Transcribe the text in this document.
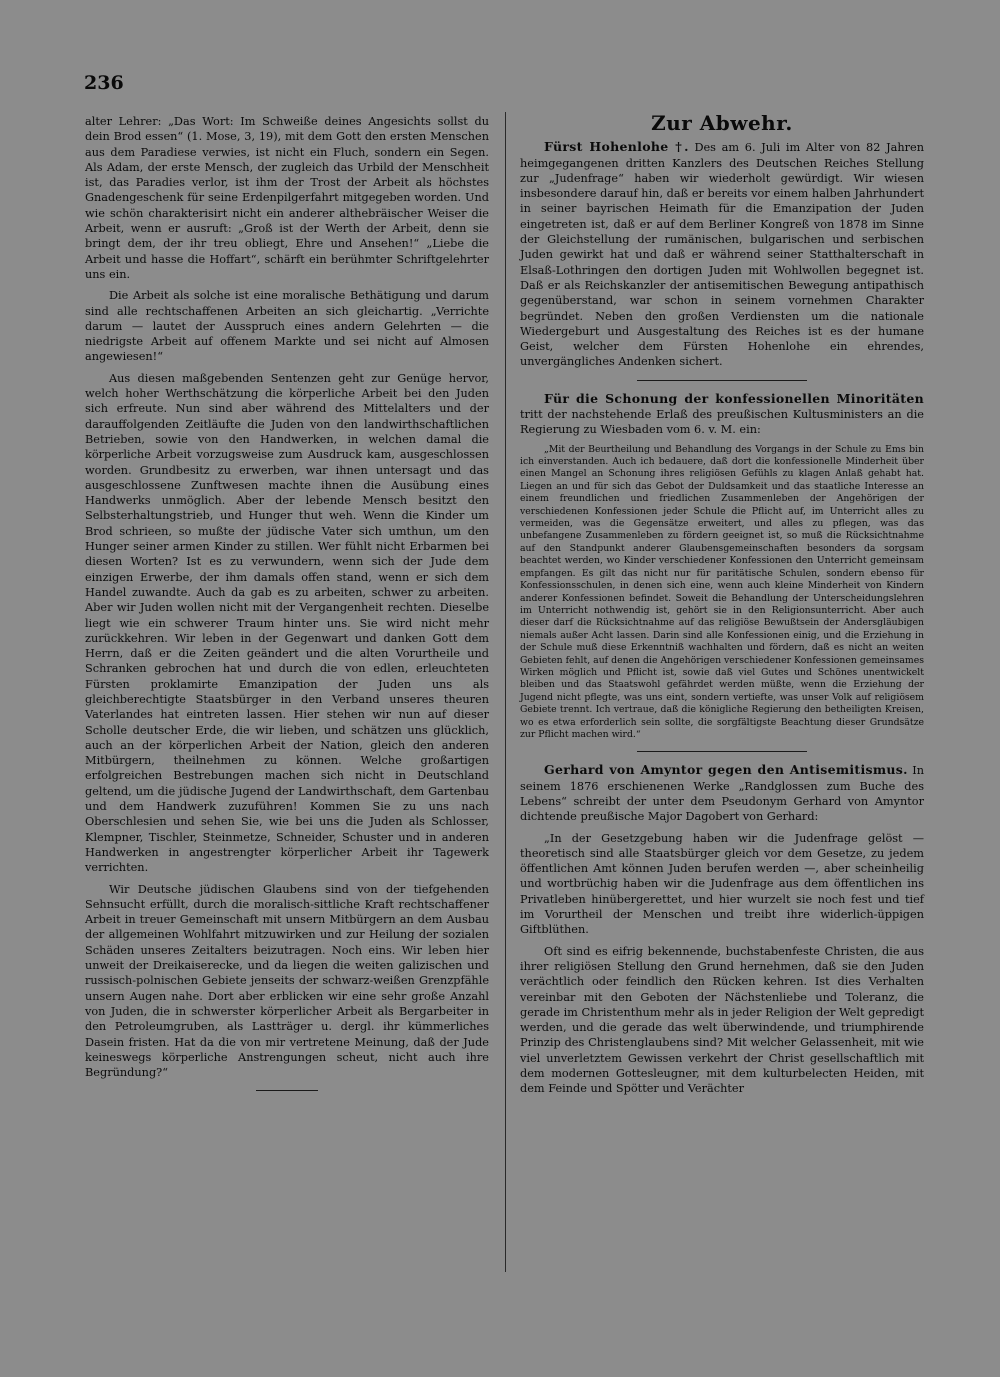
236

alter Lehrer: „Das Wort: Im Schweiße deines Angesichts sollst du dein Brod essen“ (1. Mose, 3, 19), mit dem Gott den ersten Menschen aus dem Paradiese verwies, ist nicht ein Fluch, sondern ein Segen. Als Adam, der erste Mensch, der zugleich das Urbild der Menschheit ist, das Paradies verlor, ist ihm der Trost der Arbeit als höchstes Gnadengeschenk für seine Erdenpilgerfahrt mitgegeben worden. Und wie schön charakterisirt nicht ein anderer althebräischer Weiser die Arbeit, wenn er ausruft: „Groß ist der Werth der Arbeit, denn sie bringt dem, der ihr treu obliegt, Ehre und Ansehen!“ „Liebe die Arbeit und hasse die Hoffart“, schärft ein berühmter Schriftgelehrter uns ein.

Die Arbeit als solche ist eine moralische Bethätigung und darum sind alle rechtschaffenen Arbeiten an sich gleichartig. „Verrichte darum — lautet der Ausspruch eines andern Gelehrten — die niedrigste Arbeit auf offenem Markte und sei nicht auf Almosen angewiesen!“

Aus diesen maßgebenden Sentenzen geht zur Genüge hervor, welch hoher Werthschätzung die körperliche Arbeit bei den Juden sich erfreute. Nun sind aber während des Mittelalters und der darauffolgenden Zeitläufte die Juden von den landwirthschaftlichen Betrieben, sowie von den Handwerken, in welchen damal die körperliche Arbeit vorzugsweise zum Ausdruck kam, ausgeschlossen worden. Grundbesitz zu erwerben, war ihnen untersagt und das ausgeschlossene Zunftwesen machte ihnen die Ausübung eines Handwerks unmöglich. Aber der lebende Mensch besitzt den Selbsterhaltungstrieb, und Hunger thut weh. Wenn die Kinder um Brod schrieen, so mußte der jüdische Vater sich umthun, um den Hunger seiner armen Kinder zu stillen. Wer fühlt nicht Erbarmen bei diesen Worten? Ist es zu verwundern, wenn sich der Jude dem einzigen Erwerbe, der ihm damals offen stand, wenn er sich dem Handel zuwandte. Auch da gab es zu arbeiten, schwer zu arbeiten. Aber wir Juden wollen nicht mit der Vergangenheit rechten. Dieselbe liegt wie ein schwerer Traum hinter uns. Sie wird nicht mehr zurückkehren. Wir leben in der Gegenwart und danken Gott dem Herrn, daß er die Zeiten geändert und die alten Vorurtheile und Schranken gebrochen hat und durch die von edlen, erleuchteten Fürsten proklamirte Emanzipation der Juden uns als gleichberechtigte Staatsbürger in den Verband unseres theuren Vaterlandes hat eintreten lassen. Hier stehen wir nun auf dieser Scholle deutscher Erde, die wir lieben, und schätzen uns glücklich, auch an der körperlichen Arbeit der Nation, gleich den anderen Mitbürgern, theilnehmen zu können. Welche großartigen erfolgreichen Bestrebungen machen sich nicht in Deutschland geltend, um die jüdische Jugend der Landwirthschaft, dem Gartenbau und dem Handwerk zuzuführen! Kommen Sie zu uns nach Oberschlesien und sehen Sie, wie bei uns die Juden als Schlosser, Klempner, Tischler, Steinmetze, Schneider, Schuster und in anderen Handwerken in angestrengter körperlicher Arbeit ihr Tagewerk verrichten.

Wir Deutsche jüdischen Glaubens sind von der tiefgehenden Sehnsucht erfüllt, durch die moralisch-sittliche Kraft rechtschaffener Arbeit in treuer Gemeinschaft mit unsern Mitbürgern an dem Ausbau der allgemeinen Wohlfahrt mitzuwirken und zur Heilung der sozialen Schäden unseres Zeitalters beizutragen. Noch eins. Wir leben hier unweit der Dreikaiserecke, und da liegen die weiten galizischen und russisch-polnischen Gebiete jenseits der schwarz-weißen Grenzpfähle unsern Augen nahe. Dort aber erblicken wir eine sehr große Anzahl von Juden, die in schwerster körperlicher Arbeit als Bergarbeiter in den Petroleumgruben, als Lastträger u. dergl. ihr kümmerliches Dasein fristen. Hat da die von mir vertretene Meinung, daß der Jude keineswegs körperliche Anstrengungen scheut, nicht auch ihre Begründung?“

Zur Abwehr.

Fürst Hohenlohe †. Des am 6. Juli im Alter von 82 Jahren heimgegangenen dritten Kanzlers des Deutschen Reiches Stellung zur „Judenfrage“ haben wir wiederholt gewürdigt. Wir wiesen insbesondere darauf hin, daß er bereits vor einem halben Jahrhundert in seiner bayrischen Heimath für die Emanzipation der Juden eingetreten ist, daß er auf dem Berliner Kongreß von 1878 im Sinne der Gleichstellung der rumänischen, bulgarischen und serbischen Juden gewirkt hat und daß er während seiner Statthalterschaft in Elsaß-Lothringen den dortigen Juden mit Wohlwollen begegnet ist. Daß er als Reichskanzler der antisemitischen Bewegung antipathisch gegenüberstand, war schon in seinem vornehmen Charakter begründet. Neben den großen Verdiensten um die nationale Wiedergeburt und Ausgestaltung des Reiches ist es der humane Geist, welcher dem Fürsten Hohenlohe ein ehrendes, unvergängliches Andenken sichert.

Für die Schonung der konfessionellen Minoritäten tritt der nachstehende Erlaß des preußischen Kultusministers an die Regierung zu Wiesbaden vom 6. v. M. ein:

„Mit der Beurtheilung und Behandlung des Vorgangs in der Schule zu Ems bin ich einverstanden. Auch ich bedauere, daß dort die konfessionelle Minderheit über einen Mangel an Schonung ihres religiösen Gefühls zu klagen Anlaß gehabt hat. Liegen an und für sich das Gebot der Duldsamkeit und das staatliche Interesse an einem freundlichen und friedlichen Zusammenleben der Angehörigen der verschiedenen Konfessionen jeder Schule die Pflicht auf, im Unterricht alles zu vermeiden, was die Gegensätze erweitert, und alles zu pflegen, was das unbefangene Zusammenleben zu fördern geeignet ist, so muß die Rücksichtnahme auf den Standpunkt anderer Glaubensgemeinschaften besonders da sorgsam beachtet werden, wo Kinder verschiedener Konfessionen den Unterricht gemeinsam empfangen. Es gilt das nicht nur für paritätische Schulen, sondern ebenso für Konfessionsschulen, in denen sich eine, wenn auch kleine Minderheit von Kindern anderer Konfessionen befindet. Soweit die Behandlung der Unterscheidungslehren im Unterricht nothwendig ist, gehört sie in den Religionsunterricht. Aber auch dieser darf die Rücksichtnahme auf das religiöse Bewußtsein der Andersgläubigen niemals außer Acht lassen. Darin sind alle Konfessionen einig, und die Erziehung in der Schule muß diese Erkenntniß wachhalten und fördern, daß es nicht an weiten Gebieten fehlt, auf denen die Angehörigen verschiedener Konfessionen gemeinsames Wirken möglich und Pflicht ist, sowie daß viel Gutes und Schönes unentwickelt bleiben und das Staatswohl gefährdet werden müßte, wenn die Erziehung der Jugend nicht pflegte, was uns eint, sondern vertiefte, was unser Volk auf religiösem Gebiete trennt. Ich vertraue, daß die königliche Regierung den betheiligten Kreisen, wo es etwa erforderlich sein sollte, die sorgfältigste Beachtung dieser Grundsätze zur Pflicht machen wird.“

Gerhard von Amyntor gegen den Antisemitismus. In seinem 1876 erschienenen Werke „Randglossen zum Buche des Lebens“ schreibt der unter dem Pseudonym Gerhard von Amyntor dichtende preußische Major Dagobert von Gerhard:

„In der Gesetzgebung haben wir die Judenfrage gelöst — theoretisch sind alle Staatsbürger gleich vor dem Gesetze, zu jedem öffentlichen Amt können Juden berufen werden —, aber scheinheilig und wortbrüchig haben wir die Judenfrage aus dem öffentlichen ins Privatleben hinübergerettet, und hier wurzelt sie noch fest und tief im Vorurtheil der Menschen und treibt ihre widerlich-üppigen Giftblüthen.

Oft sind es eifrig bekennende, buchstabenfeste Christen, die aus ihrer religiösen Stellung den Grund hernehmen, daß sie den Juden verächtlich oder feindlich den Rücken kehren. Ist dies Verhalten vereinbar mit den Geboten der Nächstenliebe und Toleranz, die gerade im Christenthum mehr als in jeder Religion der Welt gepredigt werden, und die gerade das welt überwindende, und triumphirende Prinzip des Christenglaubens sind? Mit welcher Gelassenheit, mit wie viel unverletztem Gewissen verkehrt der Christ gesellschaftlich mit dem modernen Gottesleugner, mit dem kulturbelecten Heiden, mit dem Feinde und Spötter und Verächter
